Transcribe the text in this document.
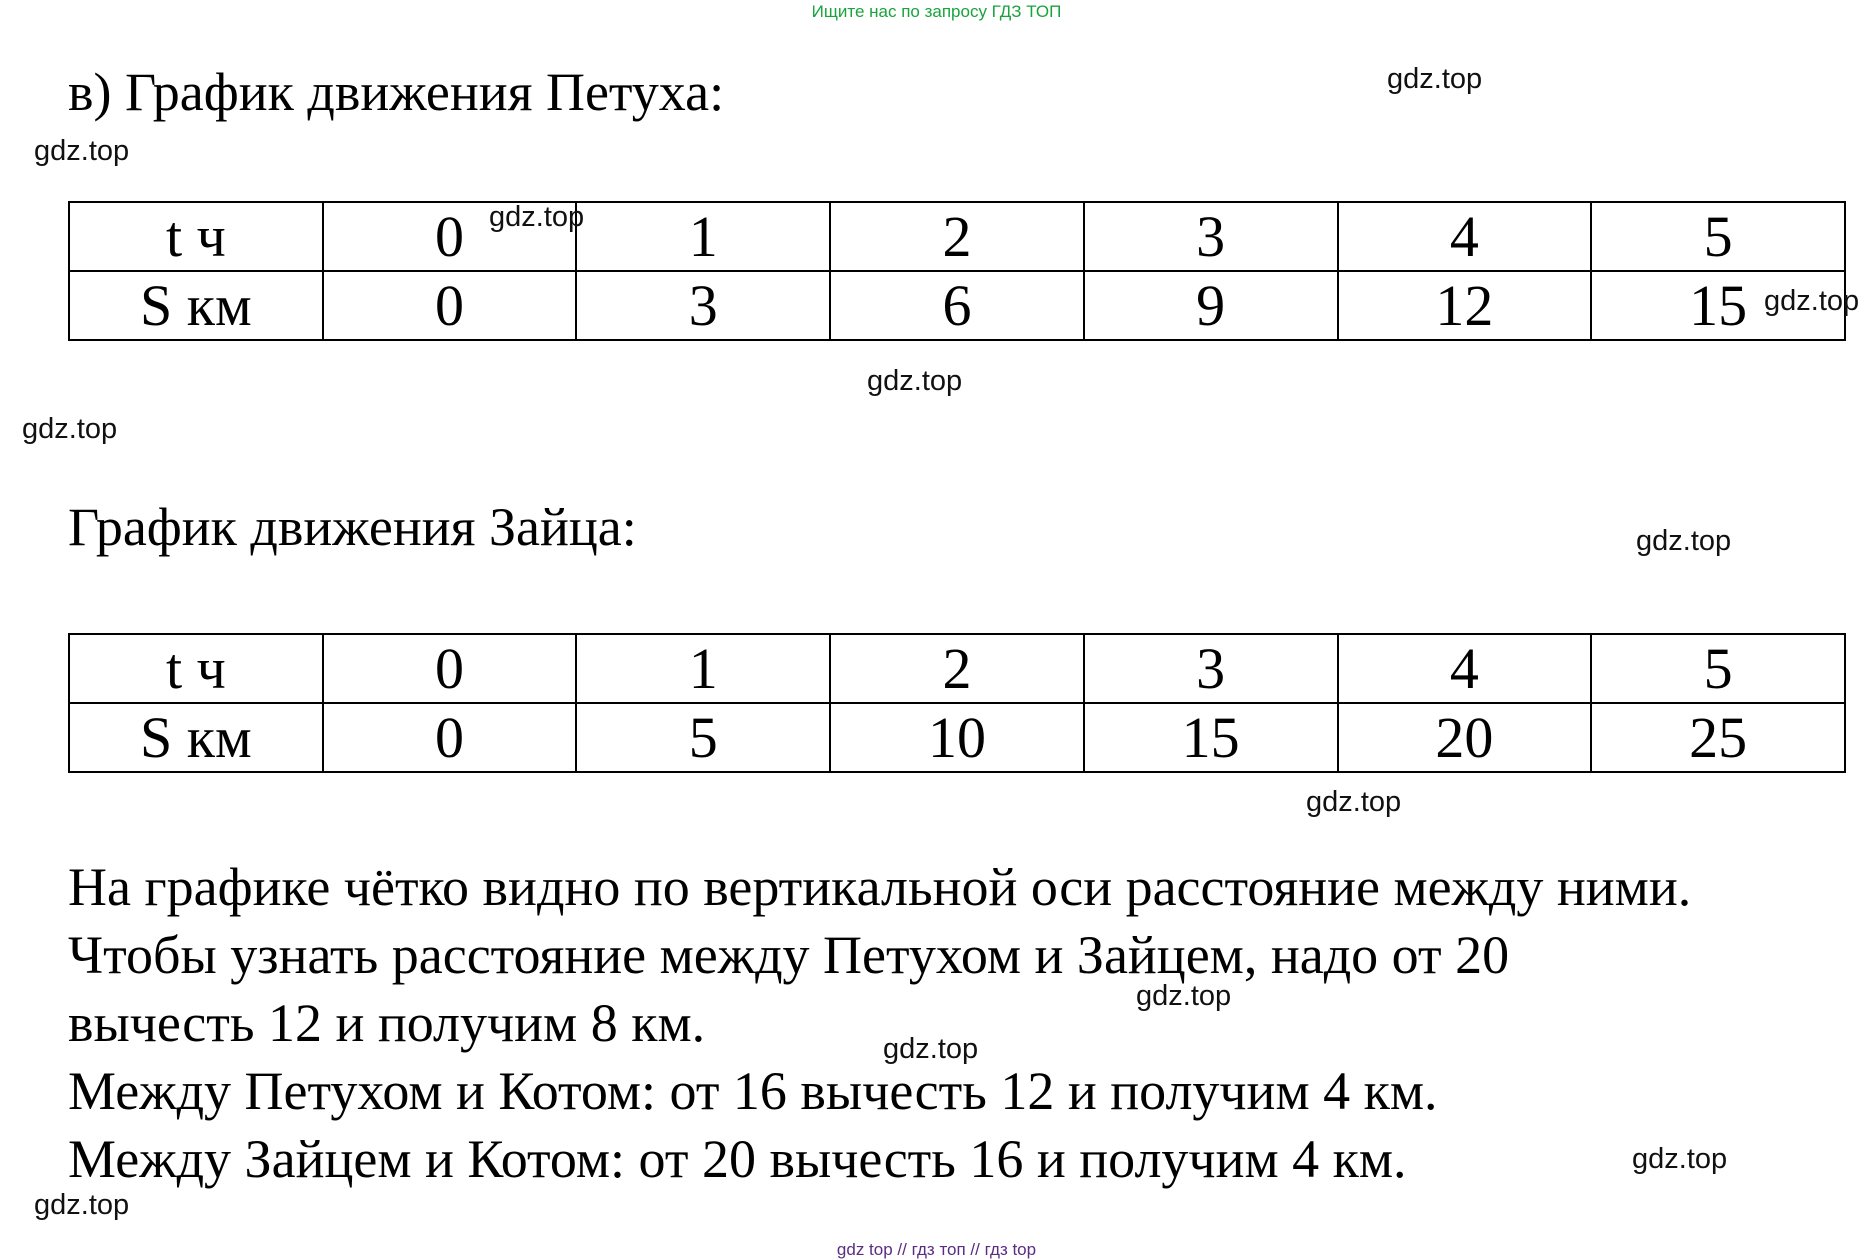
Ищите нас по запросу ГДЗ ТОП
в) График движения Петуха:
t ч	0	1	2	3	4	5
S км	0	3	6	9	12	15
График движения Зайца:
t ч	0	1	2	3	4	5
S км	0	5	10	15	20	25
На графике чётко видно по вертикальной оси расстояние между ними.
Чтобы узнать расстояние между Петухом и Зайцем, надо от 20
вычесть 12 и получим 8 км.
Между Петухом и Котом: от 16 вычесть 12 и получим 4 км.
Между Зайцем и Котом: от 20 вычесть 16 и получим 4 км.
gdz.top
gdz.top
gdz.top
gdz.top
gdz.top
gdz.top
gdz.top
gdz.top
gdz.top
gdz.top
gdz.top
gdz.top
gdz top // гдз топ // гдз top
